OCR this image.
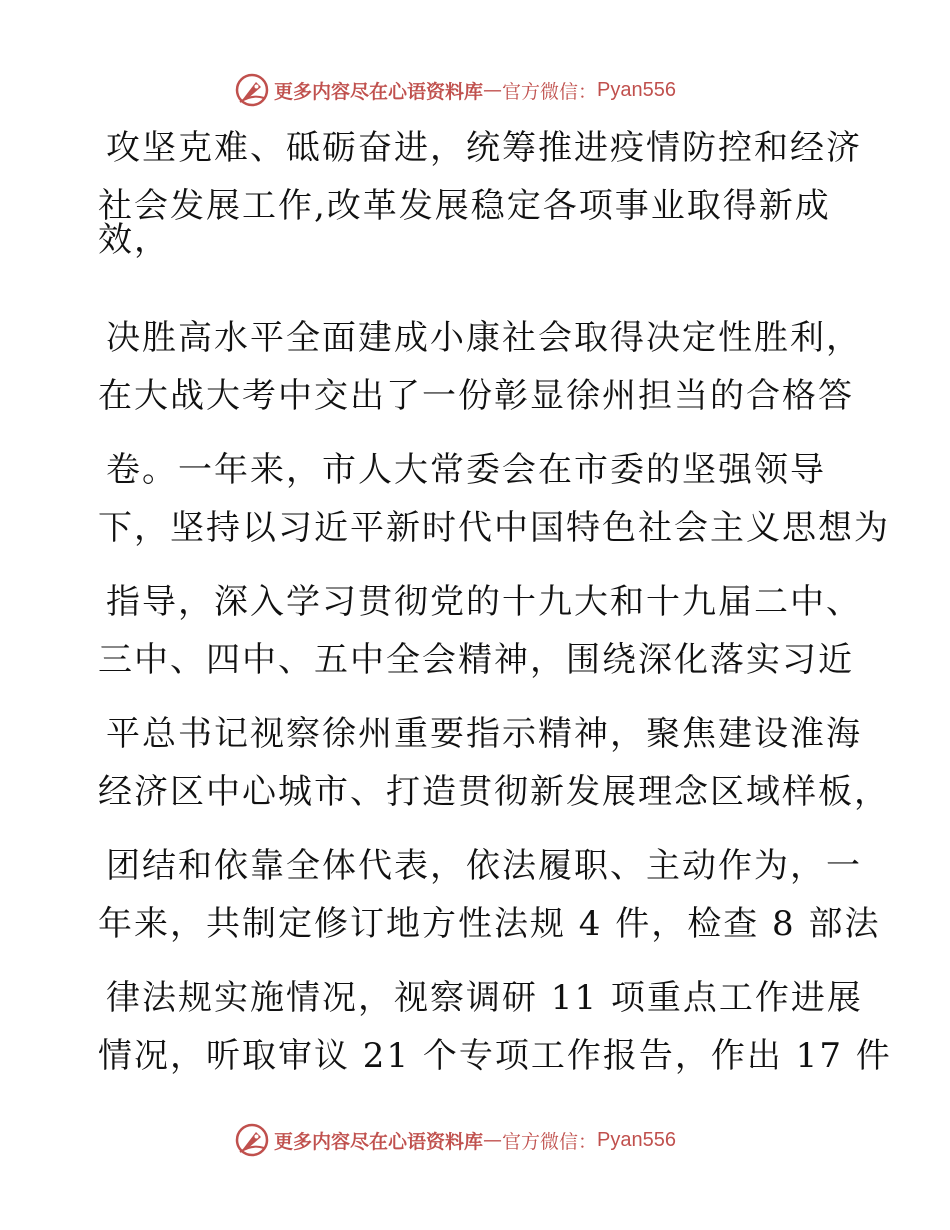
更多内容尽在心语资料库 — 官方微信： Pyan556
攻坚克难、砥砺奋进，统筹推进疫情防控和经济
社会发展工作,改革发展稳定各项事业取得新成
效，
决胜高水平全面建成小康社会取得决定性胜利，
在大战大考中交出了一份彰显徐州担当的合格答
卷。一年来，市人大常委会在市委的坚强领导
下，坚持以习近平新时代中国特色社会主义思想为
指导，深入学习贯彻党的十九大和十九届二中、
三中、四中、五中全会精神，围绕深化落实习近
平总书记视察徐州重要指示精神，聚焦建设淮海
经济区中心城市、打造贯彻新发展理念区域样板，
团结和依靠全体代表，依法履职、主动作为，一
年来，共制定修订地方性法规 4 件，检查 8 部法
律法规实施情况，视察调研 11 项重点工作进展
情况，听取审议 21 个专项工作报告，作出 17 件
更多内容尽在心语资料库 — 官方微信： Pyan556
